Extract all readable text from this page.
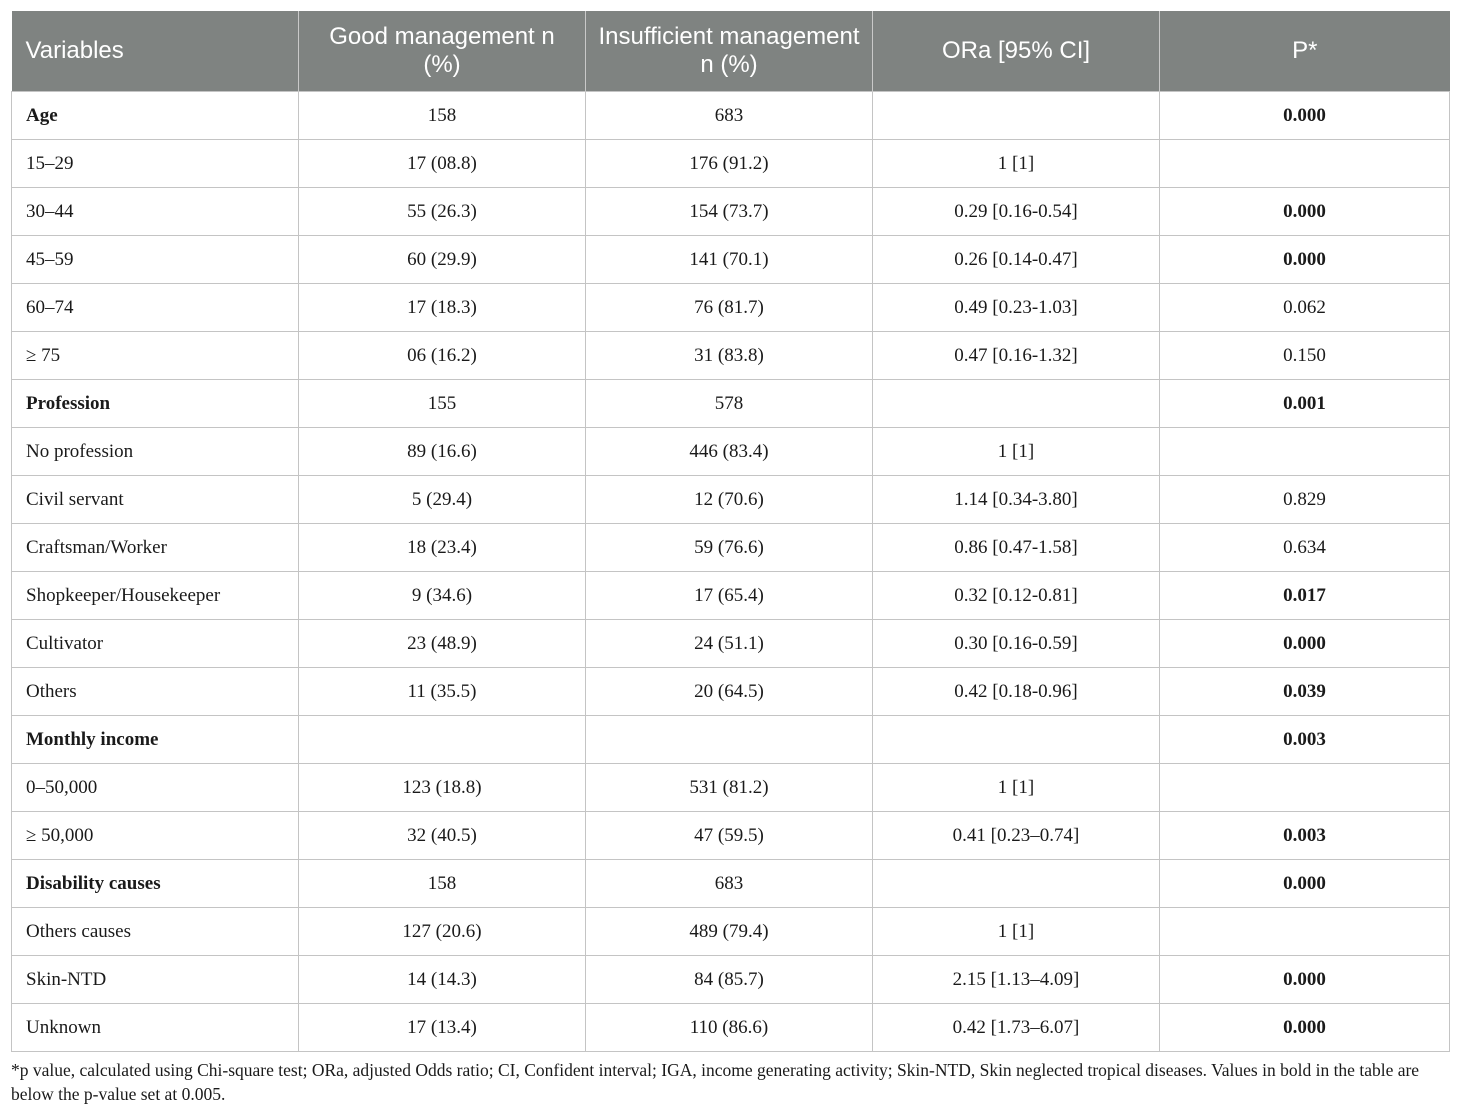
Variables	Good management n (%)	Insufficient management n (%)	ORa [95% CI]	P*
Age	158	683		0.000
15–29	17 (08.8)	176 (91.2)	1 [1]	
30–44	55 (26.3)	154 (73.7)	0.29 [0.16-0.54]	0.000
45–59	60 (29.9)	141 (70.1)	0.26 [0.14-0.47]	0.000
60–74	17 (18.3)	76 (81.7)	0.49 [0.23-1.03]	0.062
≥ 75	06 (16.2)	31 (83.8)	0.47 [0.16-1.32]	0.150
Profession	155	578		0.001
No profession	89 (16.6)	446 (83.4)	1 [1]	
Civil servant	5 (29.4)	12 (70.6)	1.14 [0.34-3.80]	0.829
Craftsman/Worker	18 (23.4)	59 (76.6)	0.86 [0.47-1.58]	0.634
Shopkeeper/Housekeeper	9 (34.6)	17 (65.4)	0.32 [0.12-0.81]	0.017
Cultivator	23 (48.9)	24 (51.1)	0.30 [0.16-0.59]	0.000
Others	11 (35.5)	20 (64.5)	0.42 [0.18-0.96]	0.039
Monthly income				0.003
0–50,000	123 (18.8)	531 (81.2)	1 [1]	
≥ 50,000	32 (40.5)	47 (59.5)	0.41 [0.23–0.74]	0.003
Disability causes	158	683		0.000
Others causes	127 (20.6)	489 (79.4)	1 [1]	
Skin-NTD	14 (14.3)	84 (85.7)	2.15 [1.13–4.09]	0.000
Unknown	17 (13.4)	110 (86.6)	0.42 [1.73–6.07]	0.000
*p value, calculated using Chi-square test; ORa, adjusted Odds ratio; CI, Confident interval; IGA, income generating activity; Skin-NTD, Skin neglected tropical diseases. Values in bold in the table are below the p-value set at 0.005.
